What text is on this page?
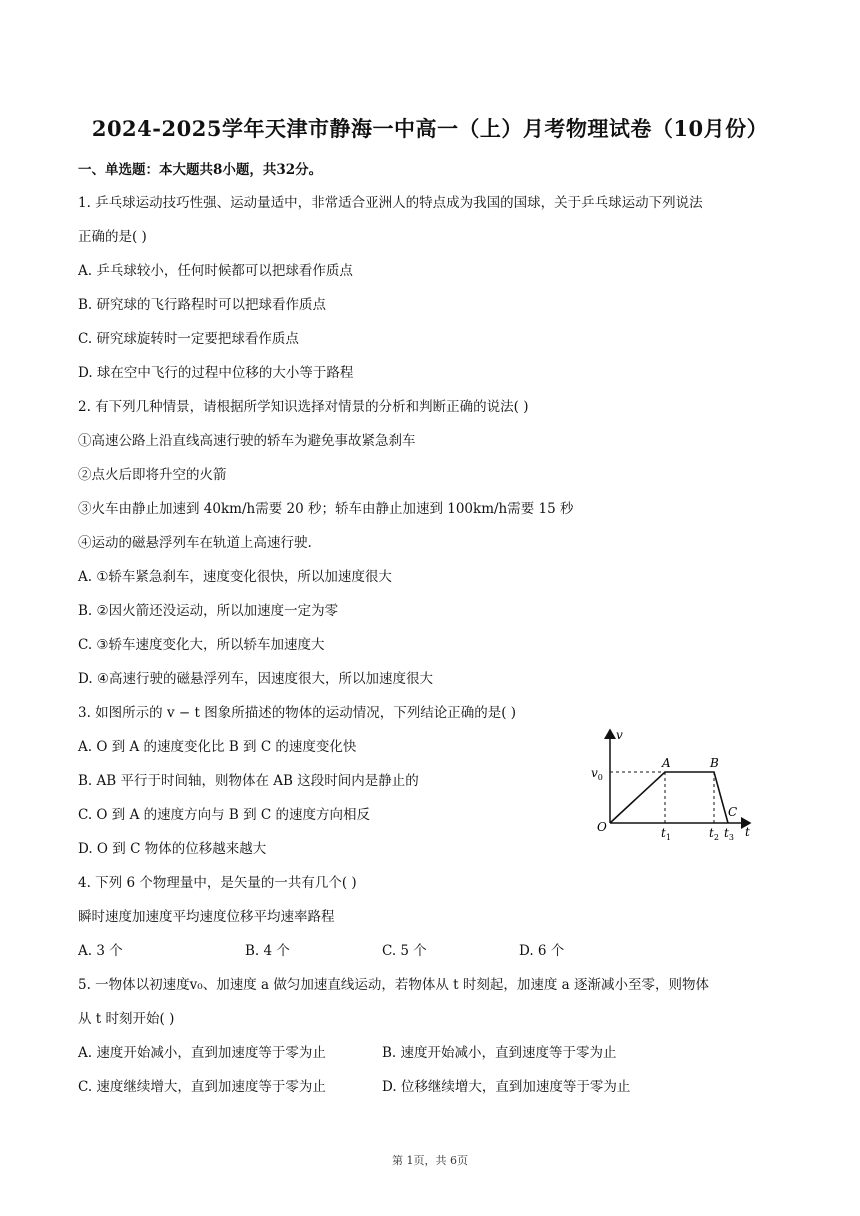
2024-2025学年天津市静海一中高一（上）月考物理试卷（10月份）
一、单选题：本大题共8小题，共32分。
1. 乒乓球运动技巧性强、运动量适中，非常适合亚洲人的特点成为我国的国球，关于乒乓球运动下列说法
正确的是( )
A. 乒乓球较小，任何时候都可以把球看作质点
B. 研究球的飞行路程时可以把球看作质点
C. 研究球旋转时一定要把球看作质点
D. 球在空中飞行的过程中位移的大小等于路程
2. 有下列几种情景，请根据所学知识选择对情景的分析和判断正确的说法( )
①高速公路上沿直线高速行驶的轿车为避免事故紧急刹车
②点火后即将升空的火箭
③火车由静止加速到 40km/h需要 20 秒；轿车由静止加速到 100km/h需要 15 秒
④运动的磁悬浮列车在轨道上高速行驶.
A. ①轿车紧急刹车，速度变化很快，所以加速度很大
B. ②因火箭还没运动，所以加速度一定为零
C. ③轿车速度变化大，所以轿车加速度大
D. ④高速行驶的磁悬浮列车，因速度很大，所以加速度很大
3. 如图所示的 v − t 图象所描述的物体的运动情况，下列结论正确的是( )
A. O 到 A 的速度变化比 B 到 C 的速度变化快
B. AB 平行于时间轴，则物体在 AB 这段时间内是静止的
C. O 到 A 的速度方向与 B 到 C 的速度方向相反
D. O 到 C 物体的位移越来越大
v
t
$v_0$
O
A	B
C
$t_1$	$t_2$ $t_3$
4. 下列 6 个物理量中，是矢量的一共有几个( )
瞬时速度加速度平均速度位移平均速率路程
A. 3 个	B. 4 个	C. 5 个	D. 6 个
5. 一物体以初速度v₀、加速度 a 做匀加速直线运动，若物体从 t 时刻起，加速度 a 逐渐减小至零，则物体
从 t 时刻开始( )
A. 速度开始减小，直到加速度等于零为止	B. 速度开始减小，直到速度等于零为止
C. 速度继续增大，直到加速度等于零为止	D. 位移继续增大，直到加速度等于零为止
第 1页，共 6页
